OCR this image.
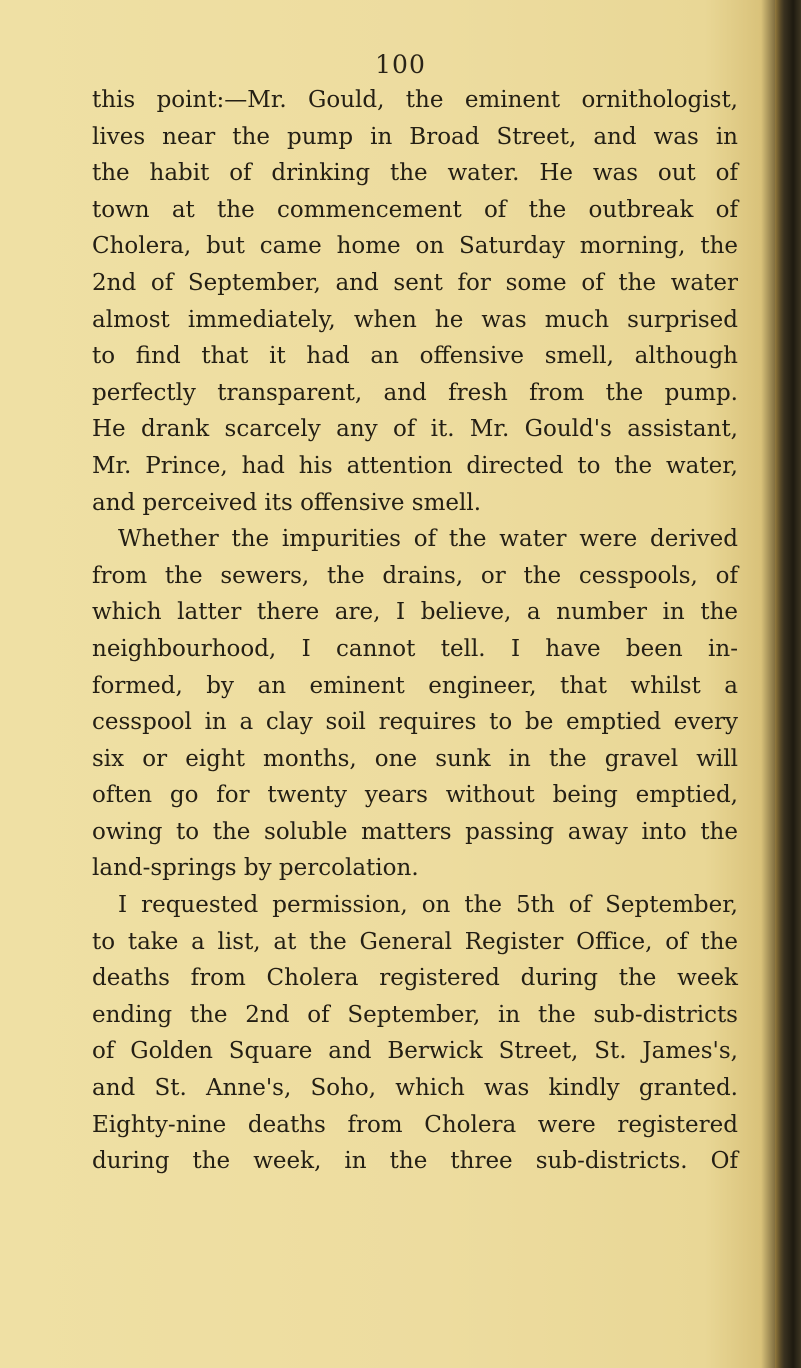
100
this point:—Mr. Gould, the eminent ornithologist,
lives near the pump in Broad Street, and was in
the habit of drinking the water. He was out of
town at the commencement of the outbreak of
Cholera, but came home on Saturday morning, the
2nd of September, and sent for some of the water
almost immediately, when he was much surprised
to find that it had an offensive smell, although
perfectly transparent, and fresh from the pump.
He drank scarcely any of it. Mr. Gould's assistant,
Mr. Prince, had his attention directed to the water,
and perceived its offensive smell.
Whether the impurities of the water were derived
from the sewers, the drains, or the cesspools, of
which latter there are, I believe, a number in the
neighbourhood, I cannot tell. I have been in-
formed, by an eminent engineer, that whilst a
cesspool in a clay soil requires to be emptied every
six or eight months, one sunk in the gravel will
often go for twenty years without being emptied,
owing to the soluble matters passing away into the
land-springs by percolation.
I requested permission, on the 5th of September,
to take a list, at the General Register Office, of the
deaths from Cholera registered during the week
ending the 2nd of September, in the sub-districts
of Golden Square and Berwick Street, St. James's,
and St. Anne's, Soho, which was kindly granted.
Eighty-nine deaths from Cholera were registered
during the week, in the three sub-districts. Of
